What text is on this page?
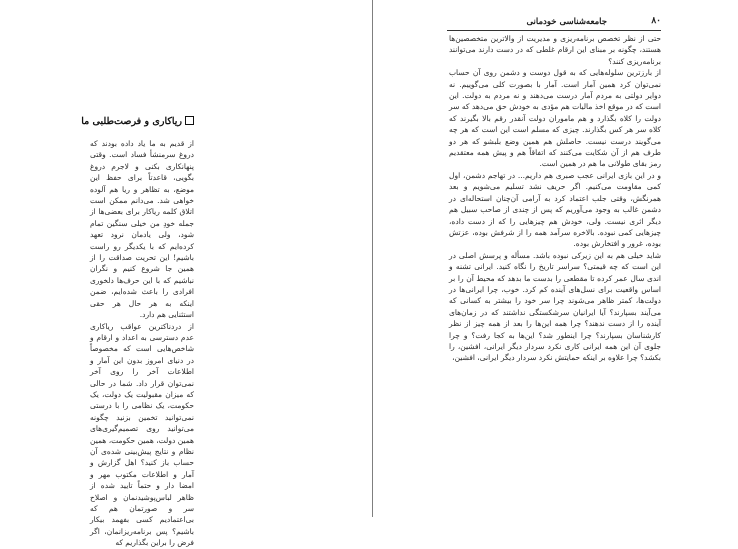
ریاکاری و فرصت‌طلبی ما

از قدیم به ما یاد داده بودند که دروغ سرمنشأ فساد است. وقتی پنهانکاری بکنی و لاجرم دروغ بگویی، قاعدتاً برای حفظ این موضع، به تظاهر و ریا هم آلوده خواهی شد. می‌دانم ممکن است اتلاق کلمه ریاکار برای بعضی‌ها از جمله خودِ من خیلی سنگین تمام شود، ولی یادمان نرود تعهد کرده‌ایم که با یکدیگر رو راست باشیم! این تحریت صداقت را از همین جا شروع کنیم و نگران نباشیم که با این حرف‌ها دلخوری افرادی را باعث شده‌ایم، ضمن اینکه به هر حال هر حقی استثنایی هم دارد.

از دردناکترین عواقب ریاکاری عدم دسترسی به اعداد و ارقام و شاخص‌هایی است که مخصوصاً در دنیای امروز بدون این آمار و اطلاعات آخر را روی آخر نمی‌توان قرار داد. شما در حالی که میزان مقبولیت یک دولت، یک حکومت، یک نظامی را با درستی نمی‌توانید تخمین بزنید چگونه می‌توانید روی تصمیم‌گیری‌های همین دولت، همین حکومت، همین نظام و نتایج پیش‌بینی شده‌ی آن حساب باز کنید؟ اهل گزارش و آمار و اطلاعات مکتوب مهر و امضا دار و حتماً تایید شده از ظاهر لباس‌پوشیدنمان و اصلاح سر و صورتمان هم که بی‌اعتمادیم کسی بفهمد بیکار باشیم؟ پس برنامه‌ریزانمان، اگر فرض را براین بگذاریم که

جامعه‌شناسی خودمانی	۸۰

حتی از نظر تخصص برنامه‌ریزی و مدیریت از والاترین متخصصین‌ها هستند، چگونه بر مبنای این ارقام غلطی که در دست دارند می‌توانند برنامه‌ریزی کنند؟

از بارزترین سلوله‌هایی که به قول دوست و دشمن روی آن حساب نمی‌توان کرد همین آمار است. آمار با بصورت کلی می‌گوییم. نه دوایر دولتی به مردم آمار درست می‌دهند و نه مردم به دولت. این است که در موقع اخذ مالیات هم مؤدی به خودش حق می‌دهد که سر دولت را کلاه بگذارد و هم ماموران دولت آنقدر رقم بالا بگیرند که کلاه سر هر کس بگذارند. چیزی که مسلم است این است که هر چه می‌گویند درست نیست. حاصلش هم همین وضع بلبشو که هر دو طرف هم از آن شکایت می‌کنند که اتفاقاً هم و پیش همه معتقدیم رمز بقای طولانی ما هم در همین است.

و در این بازی ایرانی عجب صبری هم داریم... در تهاجم دشمن، اول کمی مقاومت می‌کنیم. اگر حریف نشد تسلیم می‌شویم و بعد همرنگش، وقتی جلب اعتماد کرد به آرامی آن‌چنان استحاله‌ای در دشمن غالب به وجود می‌آوریم که پس از چندی از صاحب سبیل هم دیگر اثری نیست. ولی، خودش هم چیزهایی را که از دست داده، چیزهایی کمی نبوده. بالاخره سرآمد همه را از شرفش بوده، عزتش بوده، غرور و افتخارش بوده.

شاید خیلی هم به این زیرکی نبوده باشد. مسأله و پرسش اصلی در این است که چه قیمتی؟ سراسر تاریخ را نگاه کنید. ایرانی تشنه و اندی سال عمر کرده تا مقطعی را بدست ما بدهد که محیط آن را بر اساس واقعیت برای نسل‌های آینده کم کرد. خوب، چرا ایرانی‌ها در دولت‌ها، کمتر ظاهر می‌شوند چرا سر خود را بیشتر به کسانی که می‌آیند بسپارند؟ آیا ایرانیان سرشکستگی نداشتند که در زمان‌های آینده را از دست ندهند؟ چرا همه این‌ها را بعد از همه چیز از نظر کارشناسان بسپارند؟ چرا اینطور شد؟ این‌ها به کجا رفت؟ و چرا جلوی آن این همه ایرانی کاری نکرد سردار دیگر ایرانی، افشین، را بکشد؟ چرا علاوه بر اینکه حمایتش نکرد سردار دیگر ایرانی، افشین،
